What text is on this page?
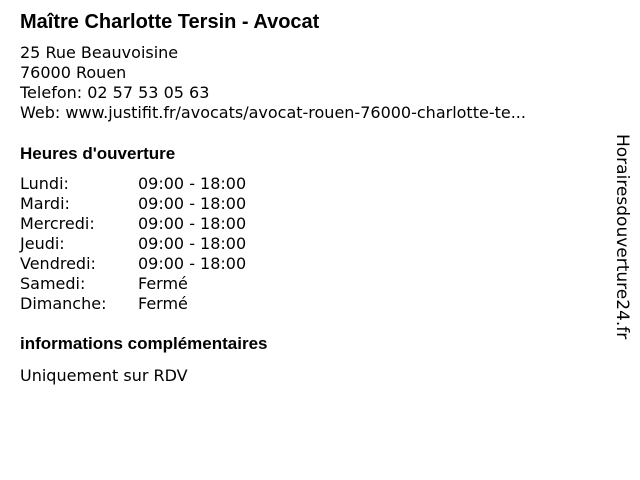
Maître Charlotte Tersin - Avocat
25 Rue Beauvoisine
76000 Rouen
Telefon: 02 57 53 05 63
Web: www.justifit.fr/avocats/avocat-rouen-76000-charlotte-te...
Heures d'ouverture
Lundi:	09:00 - 18:00
Mardi:	09:00 - 18:00
Mercredi:	09:00 - 18:00
Jeudi:	09:00 - 18:00
Vendredi:	09:00 - 18:00
Samedi:	Fermé
Dimanche: Fermé
informations complémentaires
Uniquement sur RDV
Horairesdouverture24.fr
